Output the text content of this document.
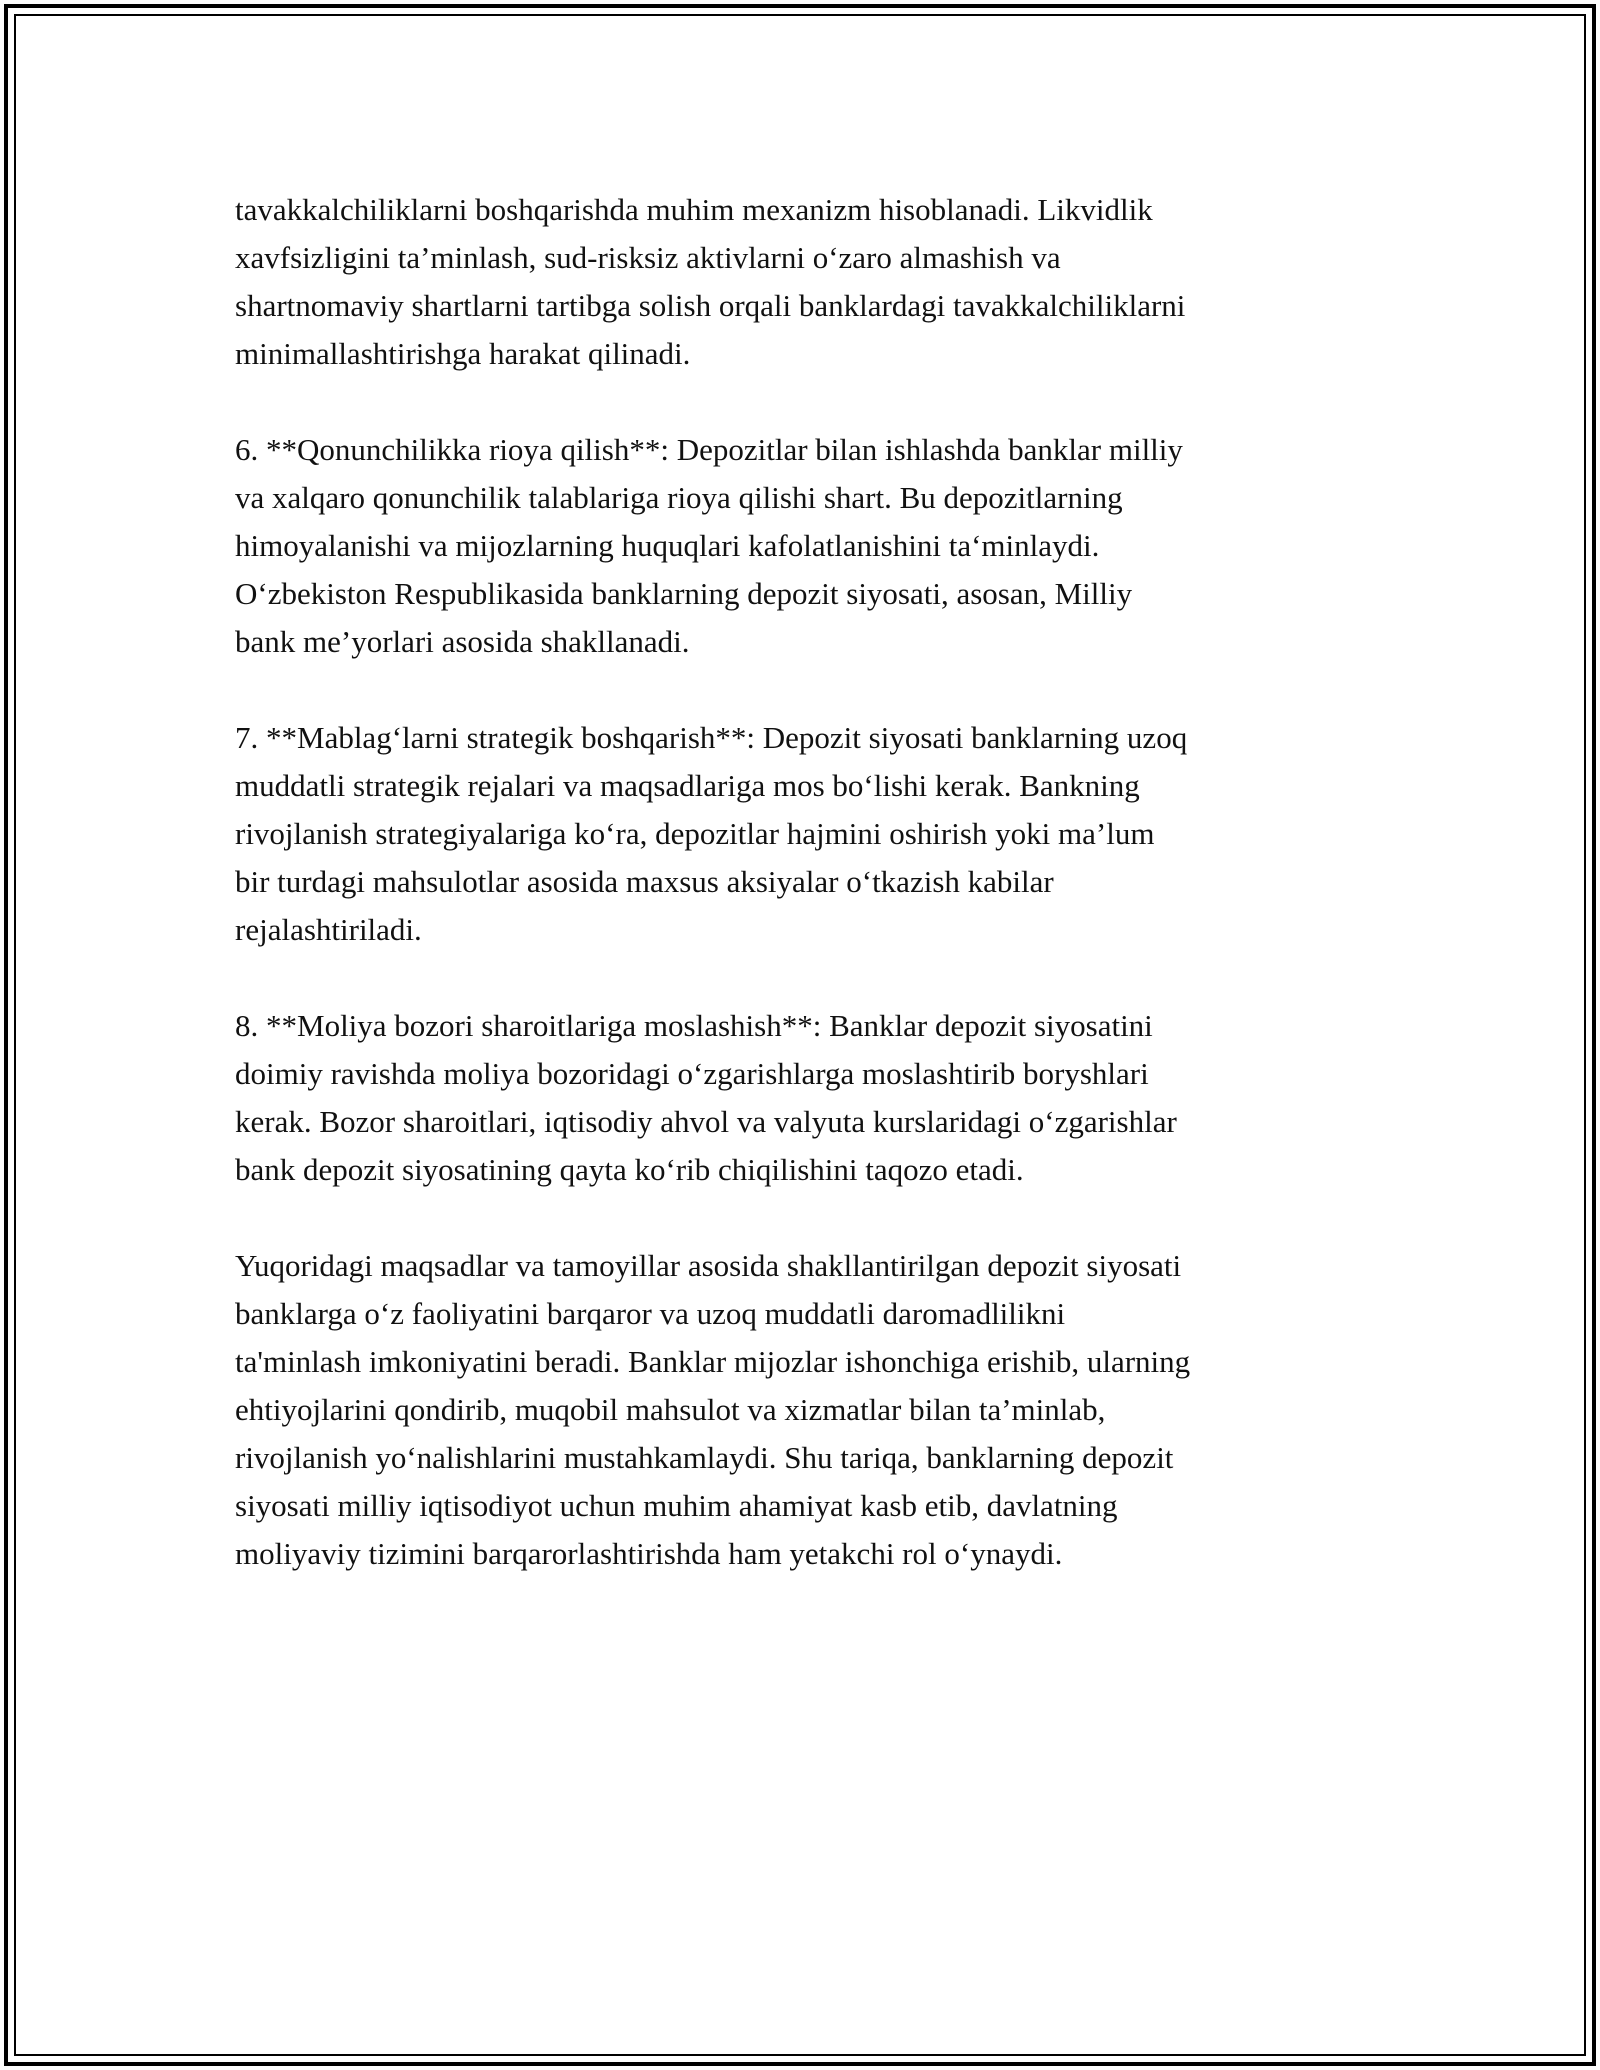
tavakkalchiliklarni boshqarishda muhim mexanizm hisoblanadi. Likvidlik
xavfsizligini ta’minlash, sud-risksiz aktivlarni o‘zaro almashish va
shartnomaviy shartlarni tartibga solish orqali banklardagi tavakkalchiliklarni
minimallashtirishga harakat qilinadi.

6. **Qonunchilikka rioya qilish**: Depozitlar bilan ishlashda banklar milliy
va xalqaro qonunchilik talablariga rioya qilishi shart. Bu depozitlarning
himoyalanishi va mijozlarning huquqlari kafolatlanishini ta‘minlaydi.
O‘zbekiston Respublikasida banklarning depozit siyosati, asosan, Milliy
bank me’yorlari asosida shakllanadi.

7. **Mablag‘larni strategik boshqarish**: Depozit siyosati banklarning uzoq
muddatli strategik rejalari va maqsadlariga mos bo‘lishi kerak. Bankning
rivojlanish strategiyalariga ko‘ra, depozitlar hajmini oshirish yoki ma’lum
bir turdagi mahsulotlar asosida maxsus aksiyalar o‘tkazish kabilar
rejalashtiriladi.

8. **Moliya bozori sharoitlariga moslashish**: Banklar depozit siyosatini
doimiy ravishda moliya bozoridagi o‘zgarishlarga moslashtirib boryshlari
kerak. Bozor sharoitlari, iqtisodiy ahvol va valyuta kurslaridagi o‘zgarishlar
bank depozit siyosatining qayta ko‘rib chiqilishini taqozo etadi.

Yuqoridagi maqsadlar va tamoyillar asosida shakllantirilgan depozit siyosati
banklarga o‘z faoliyatini barqaror va uzoq muddatli daromadlilikni
ta'minlash imkoniyatini beradi. Banklar mijozlar ishonchiga erishib, ularning
ehtiyojlarini qondirib, muqobil mahsulot va xizmatlar bilan ta’minlab,
rivojlanish yo‘nalishlarini mustahkamlaydi. Shu tariqa, banklarning depozit
siyosati milliy iqtisodiyot uchun muhim ahamiyat kasb etib, davlatning
moliyaviy tizimini barqarorlashtirishda ham yetakchi rol o‘ynaydi.
